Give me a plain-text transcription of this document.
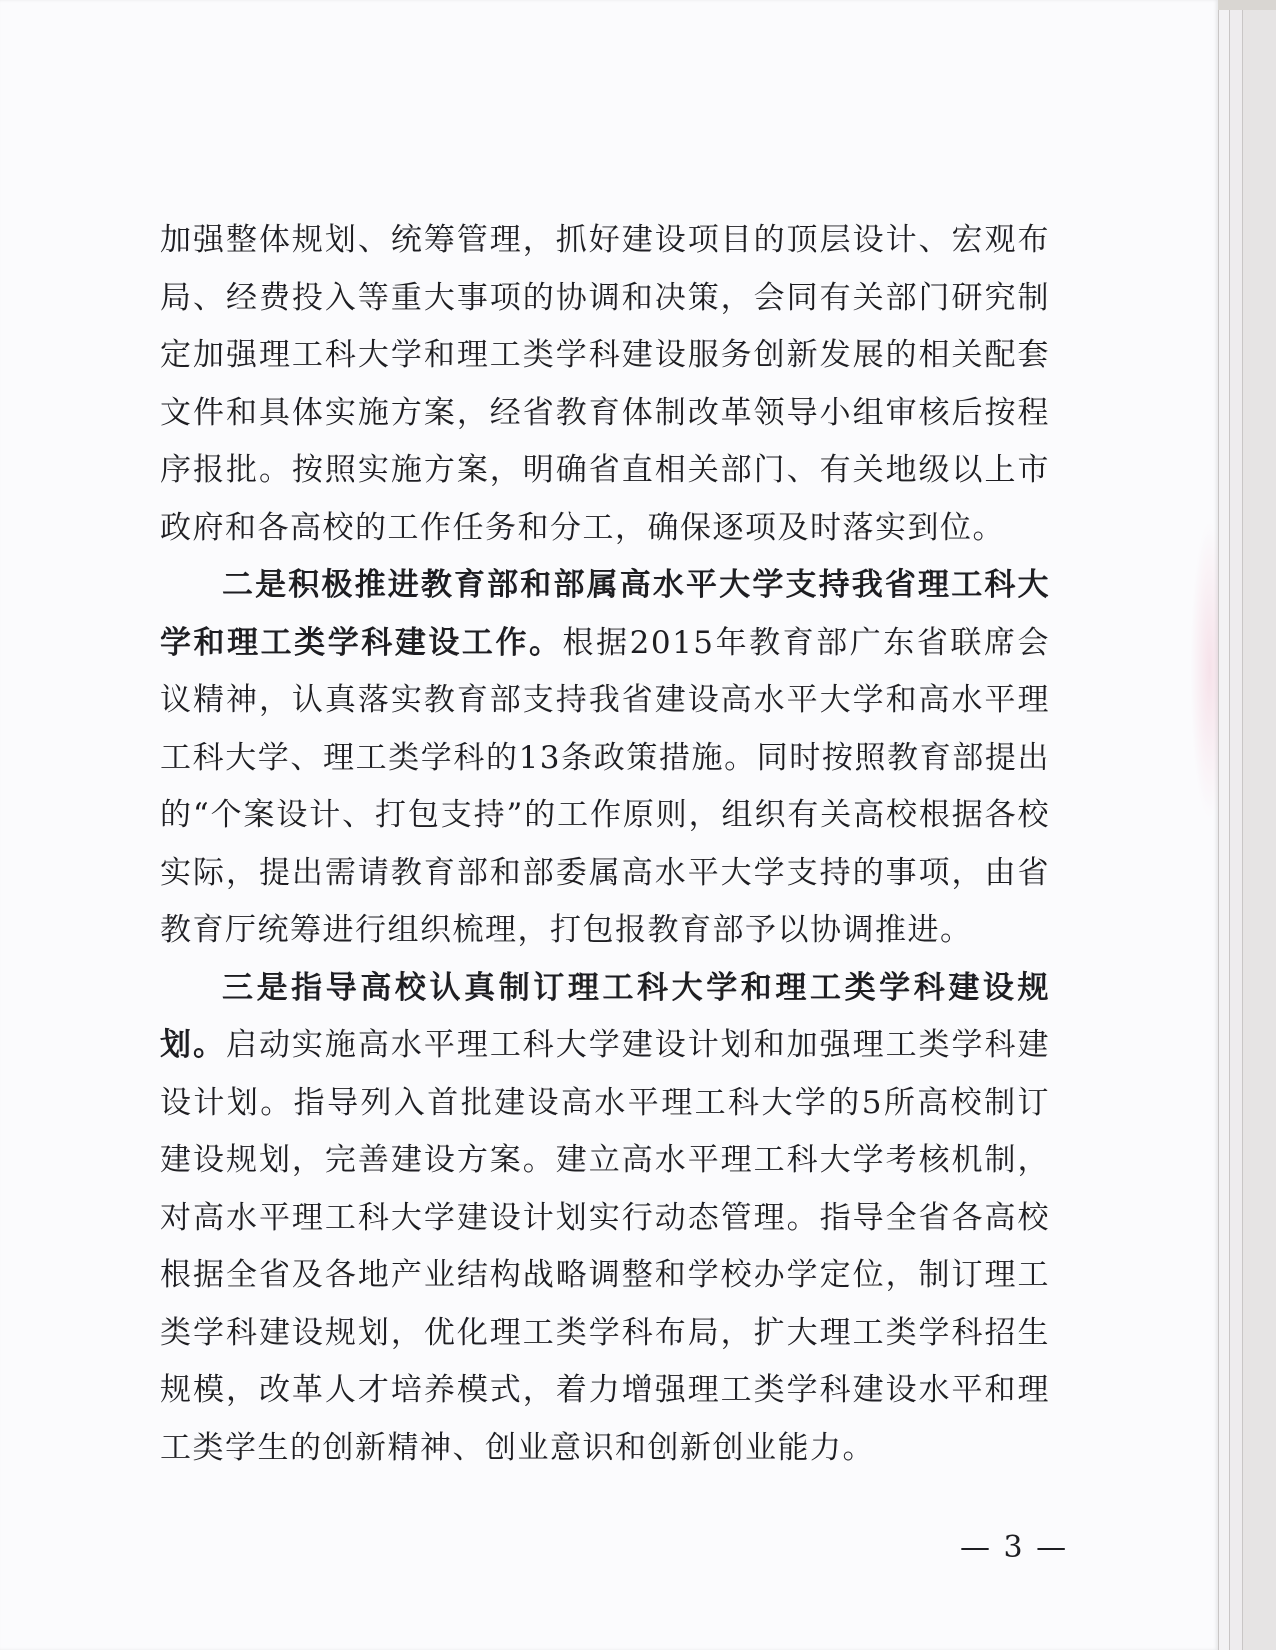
加强整体规划、统筹管理，抓好建设项目的顶层设计、宏观布局、经费投入等重大事项的协调和决策，会同有关部门研究制定加强理工科大学和理工类学科建设服务创新发展的相关配套文件和具体实施方案，经省教育体制改革领导小组审核后按程序报批。按照实施方案，明确省直相关部门、有关地级以上市政府和各高校的工作任务和分工，确保逐项及时落实到位。

二是积极推进教育部和部属高水平大学支持我省理工科大学和理工类学科建设工作。根据2015年教育部广东省联席会议精神，认真落实教育部支持我省建设高水平大学和高水平理工科大学、理工类学科的13条政策措施。同时按照教育部提出的“个案设计、打包支持”的工作原则，组织有关高校根据各校实际，提出需请教育部和部委属高水平大学支持的事项，由省教育厅统筹进行组织梳理，打包报教育部予以协调推进。

三是指导高校认真制订理工科大学和理工类学科建设规划。启动实施高水平理工科大学建设计划和加强理工类学科建设计划。指导列入首批建设高水平理工科大学的5所高校制订建设规划，完善建设方案。建立高水平理工科大学考核机制，对高水平理工科大学建设计划实行动态管理。指导全省各高校根据全省及各地产业结构战略调整和学校办学定位，制订理工类学科建设规划，优化理工类学科布局，扩大理工类学科招生规模，改革人才培养模式，着力增强理工类学科建设水平和理工类学生的创新精神、创业意识和创新创业能力。

— 3 —
